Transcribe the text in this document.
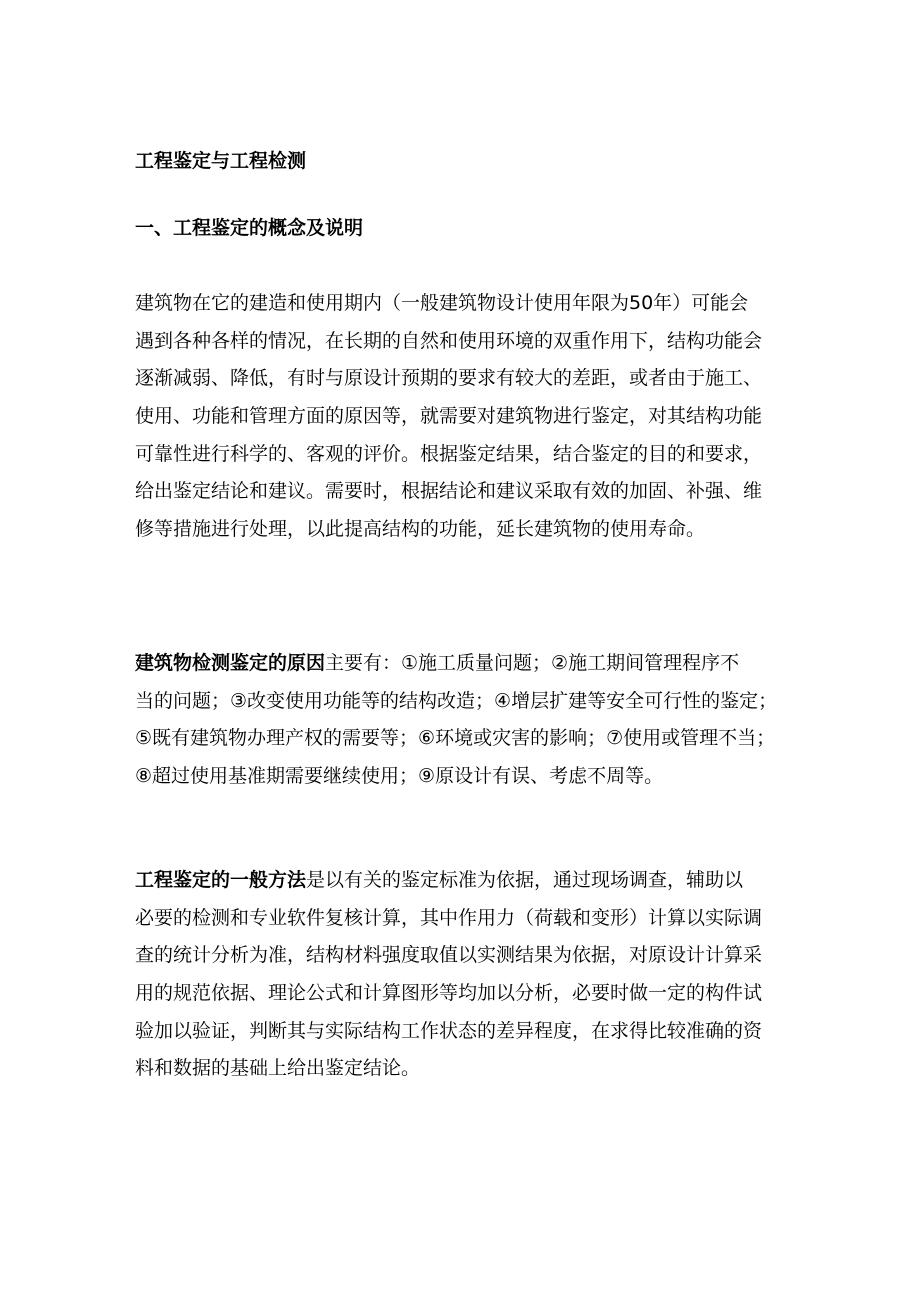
工程鉴定与工程检测
一、工程鉴定的概念及说明
建筑物在它的建造和使用期内（一般建筑物设计使用年限为50年）可能会
遇到各种各样的情况，在长期的自然和使用环境的双重作用下，结构功能会
逐渐减弱、降低，有时与原设计预期的要求有较大的差距，或者由于施工、
使用、功能和管理方面的原因等，就需要对建筑物进行鉴定，对其结构功能
可靠性进行科学的、客观的评价。根据鉴定结果，结合鉴定的目的和要求，
给出鉴定结论和建议。需要时，根据结论和建议采取有效的加固、补强、维
修等措施进行处理，以此提高结构的功能，延长建筑物的使用寿命。
建筑物检测鉴定的原因主要有：①施工质量问题；②施工期间管理程序不
当的问题；③改变使用功能等的结构改造；④增层扩建等安全可行性的鉴定；
⑤既有建筑物办理产权的需要等；⑥环境或灾害的影响；⑦使用或管理不当；
⑧超过使用基准期需要继续使用；⑨原设计有误、考虑不周等。
工程鉴定的一般方法是以有关的鉴定标准为依据，通过现场调查，辅助以
必要的检测和专业软件复核计算，其中作用力（荷载和变形）计算以实际调
查的统计分析为准，结构材料强度取值以实测结果为依据，对原设计计算采
用的规范依据、理论公式和计算图形等均加以分析，必要时做一定的构件试
验加以验证，判断其与实际结构工作状态的差异程度，在求得比较准确的资
料和数据的基础上给出鉴定结论。
